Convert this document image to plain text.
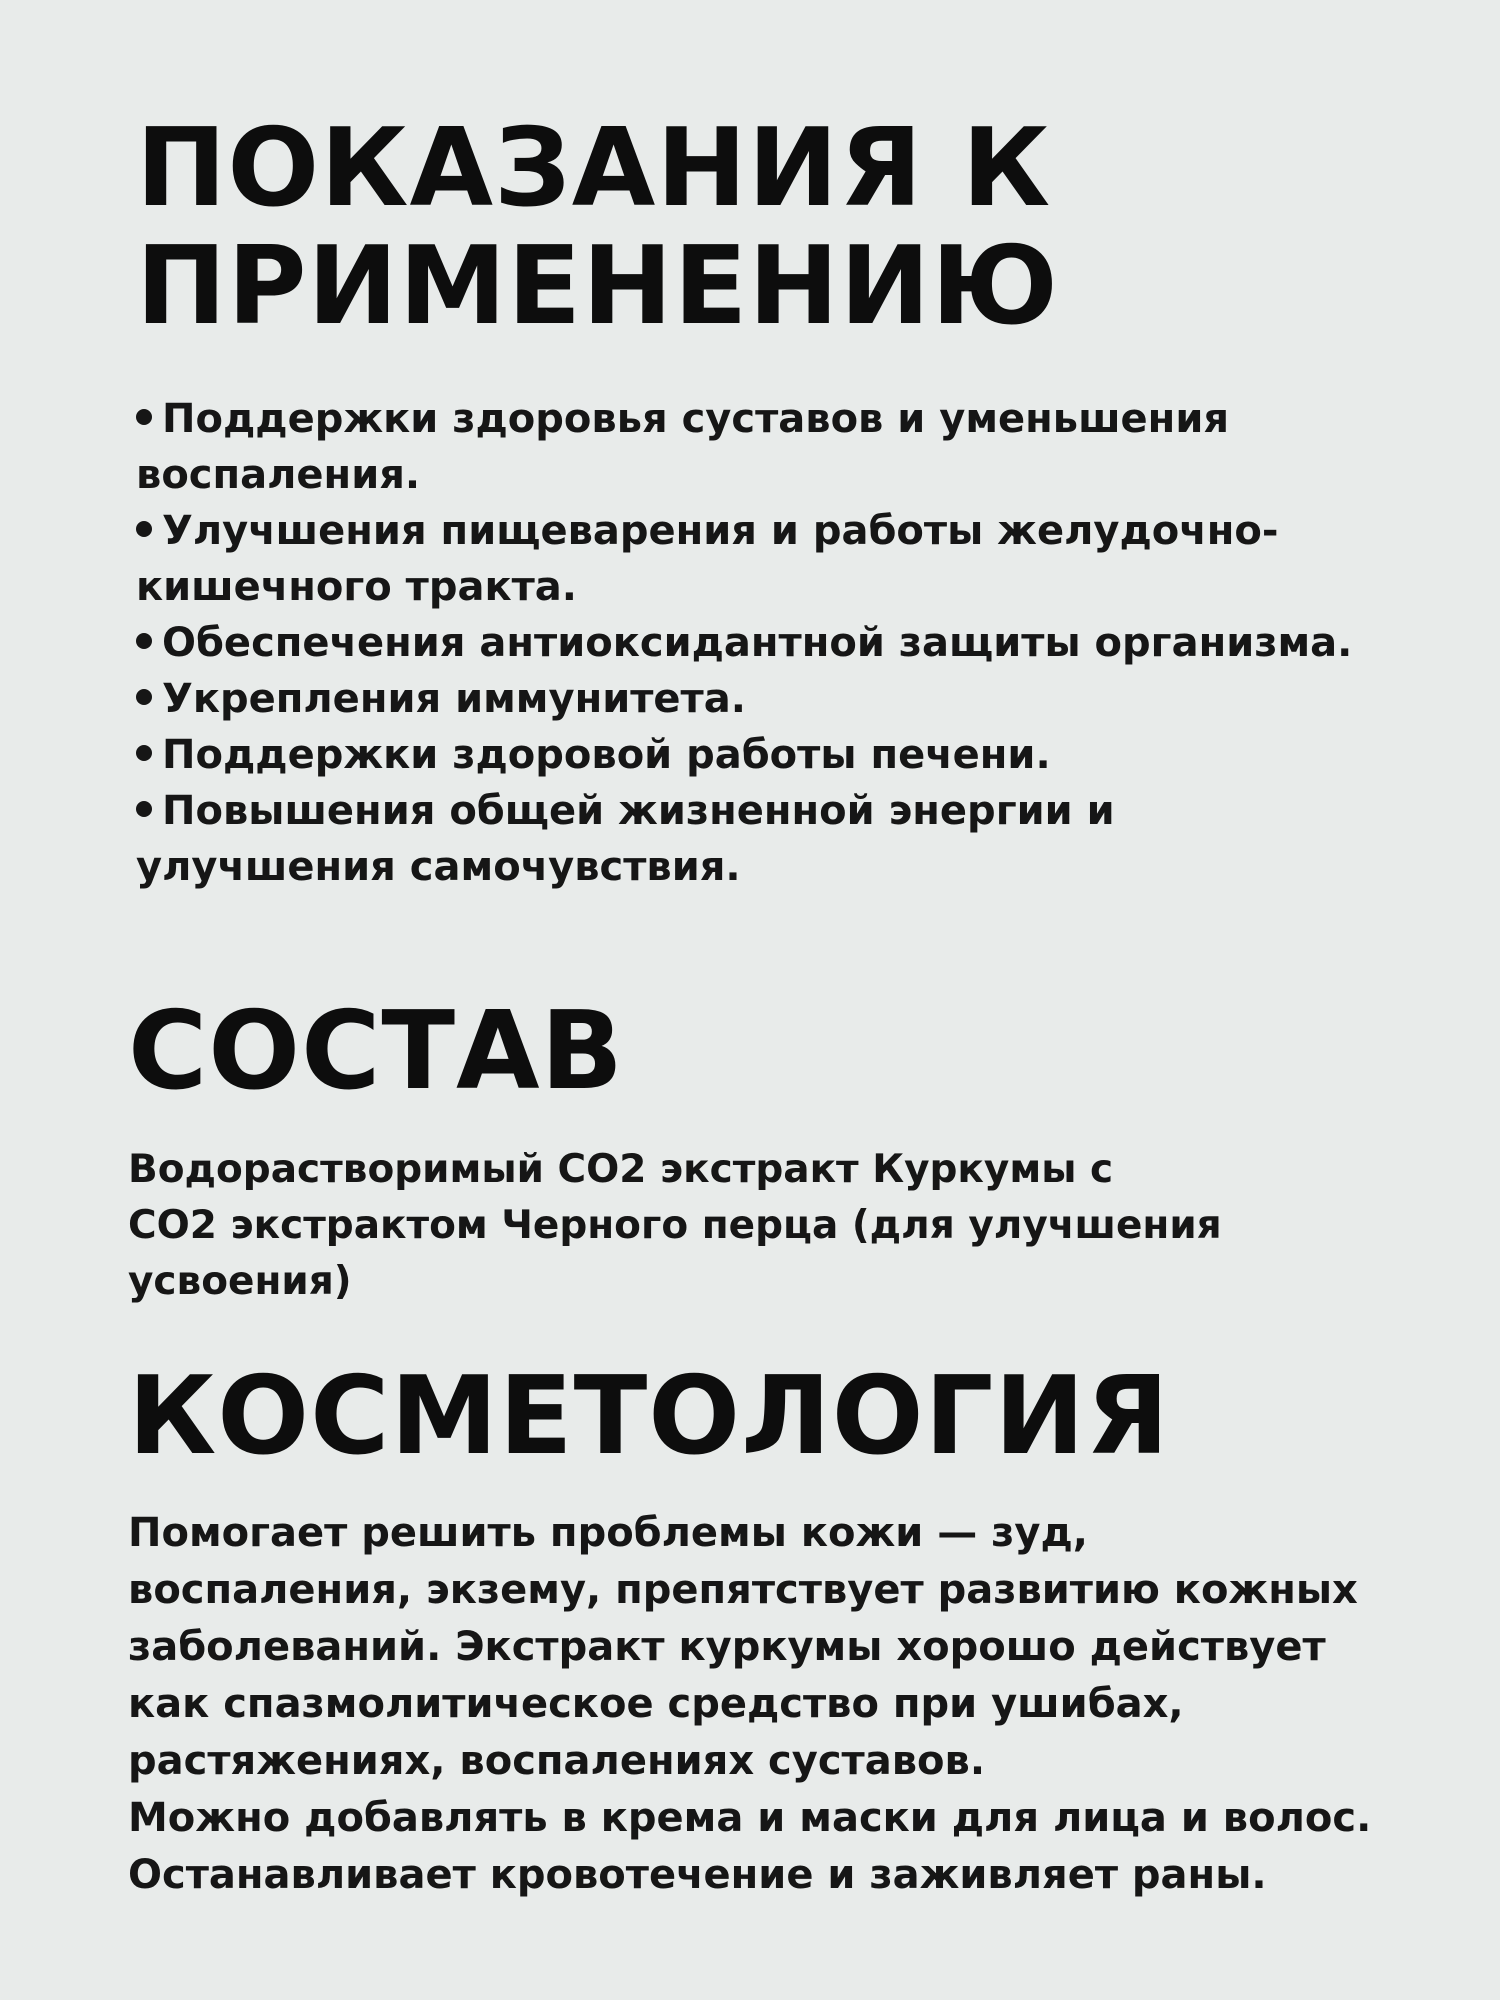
ПОКАЗАНИЯ К
ПРИМЕНЕНИЮ
Поддержки здоровья суставов и уменьшения воспаления.
Улучшения пищеварения и работы желудочно-кишечного тракта.
Обеспечения антиоксидантной защиты организма.
Укрепления иммунитета.
Поддержки здоровой работы печени.
Повышения общей жизненной энергии и улучшения самочувствия.
СОСТАВ

Водорастворимый СО2 экстракт Куркумы с
СО2 экстрактом Черного перца (для улучшения
усвоения)

КОСМЕТОЛОГИЯ

Помогает решить проблемы кожи — зуд,
воспаления, экзему, препятствует развитию кожных
заболеваний. Экстракт куркумы хорошо действует
как спазмолитическое средство при ушибах,
растяжениях, воспалениях суставов.
Можно добавлять в крема и маски для лица и волос.
Останавливает кровотечение и заживляет раны.
